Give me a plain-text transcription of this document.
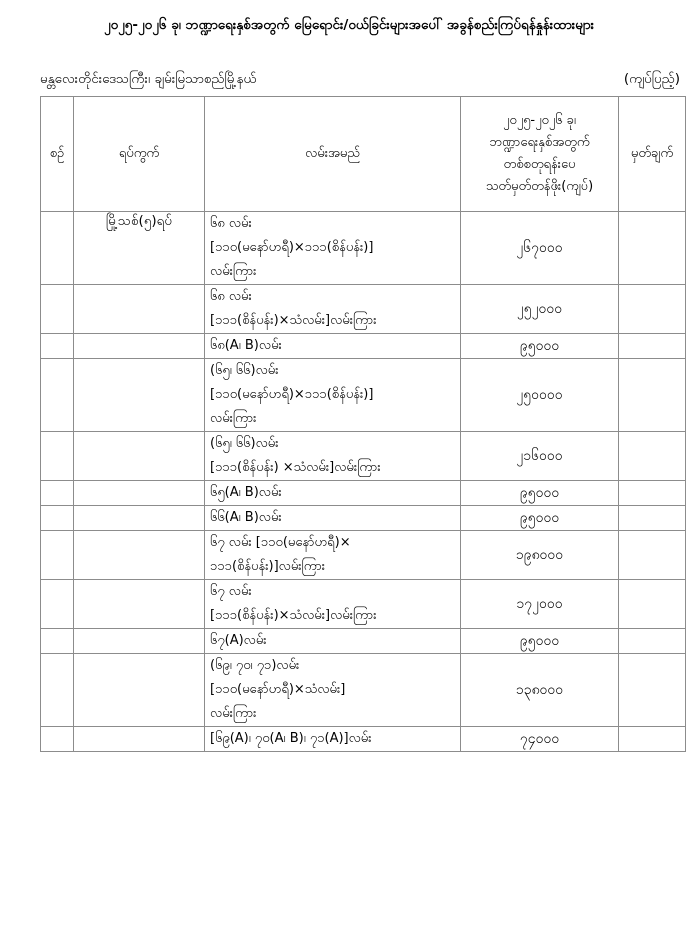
၂၀၂၅-၂၀၂၆ ခု၊ ဘဏ္ဍာရေးနှစ်အတွက် မြေရောင်း/ဝယ်ခြင်းများအပေါ် အခွန်စည်းကြပ်ရန်နှုန်းထားများ
မန္တလေးတိုင်းဒေသကြီး၊ ချမ်းမြသာစည်မြို့နယ်	(ကျပ်ပြည့်)
စဉ်	ရပ်ကွက်	လမ်းအမည်	၂၀၂၅-၂၀၂၆ ခု၊
ဘဏ္ဍာရေးနှစ်အတွက်
တစ်စတုရန်းပေ
သတ်မှတ်တန်ဖိုး(ကျပ်)	မှတ်ချက်
	မြို့သစ်(၅)ရပ်	၆၈ လမ်း
[၁၁၀(မနော်ဟရီ)×၁၁၁(စိန်ပန်း)]
လမ်းကြား	၂၆၇၀၀၀	

		၆၈ လမ်း
[၁၁၁(စိန်ပန်း)×သံလမ်း]လမ်းကြား	၂၅၂၀၀၀	

		၆၈(A၊ B)လမ်း	၉၅၀၀၀	

		(၆၅၊ ၆၆)လမ်း
[၁၁၀(မနော်ဟရီ)×၁၁၁(စိန်ပန်း)]
လမ်းကြား	၂၅၀၀၀၀	

		(၆၅၊ ၆၆)လမ်း
[၁၁၁(စိန်ပန်း) ×သံလမ်း]လမ်းကြား	၂၁၆၀၀၀	

		၆၅(A၊ B)လမ်း	၉၅၀၀၀	

		၆၆(A၊ B)လမ်း	၉၅၀၀၀	

		၆၇ လမ်း [၁၁၀(မနော်ဟရီ)×
၁၁၁(စိန်ပန်း)]လမ်းကြား	၁၉၈၀၀၀	

		၆၇ လမ်း
[၁၁၁(စိန်ပန်း)×သံလမ်း]လမ်းကြား	၁၇၂၀၀၀	

		၆၇(A)လမ်း	၉၅၀၀၀	

		(၆၉၊ ၇၀၊ ၇၁)လမ်း
[၁၁၀(မနော်ဟရီ)×သံလမ်း]
လမ်းကြား	၁၃၈၀၀၀	

		[၆၉(A)၊ ၇၀(A၊ B)၊ ၇၁(A)]လမ်း	၇၄၀၀၀	
